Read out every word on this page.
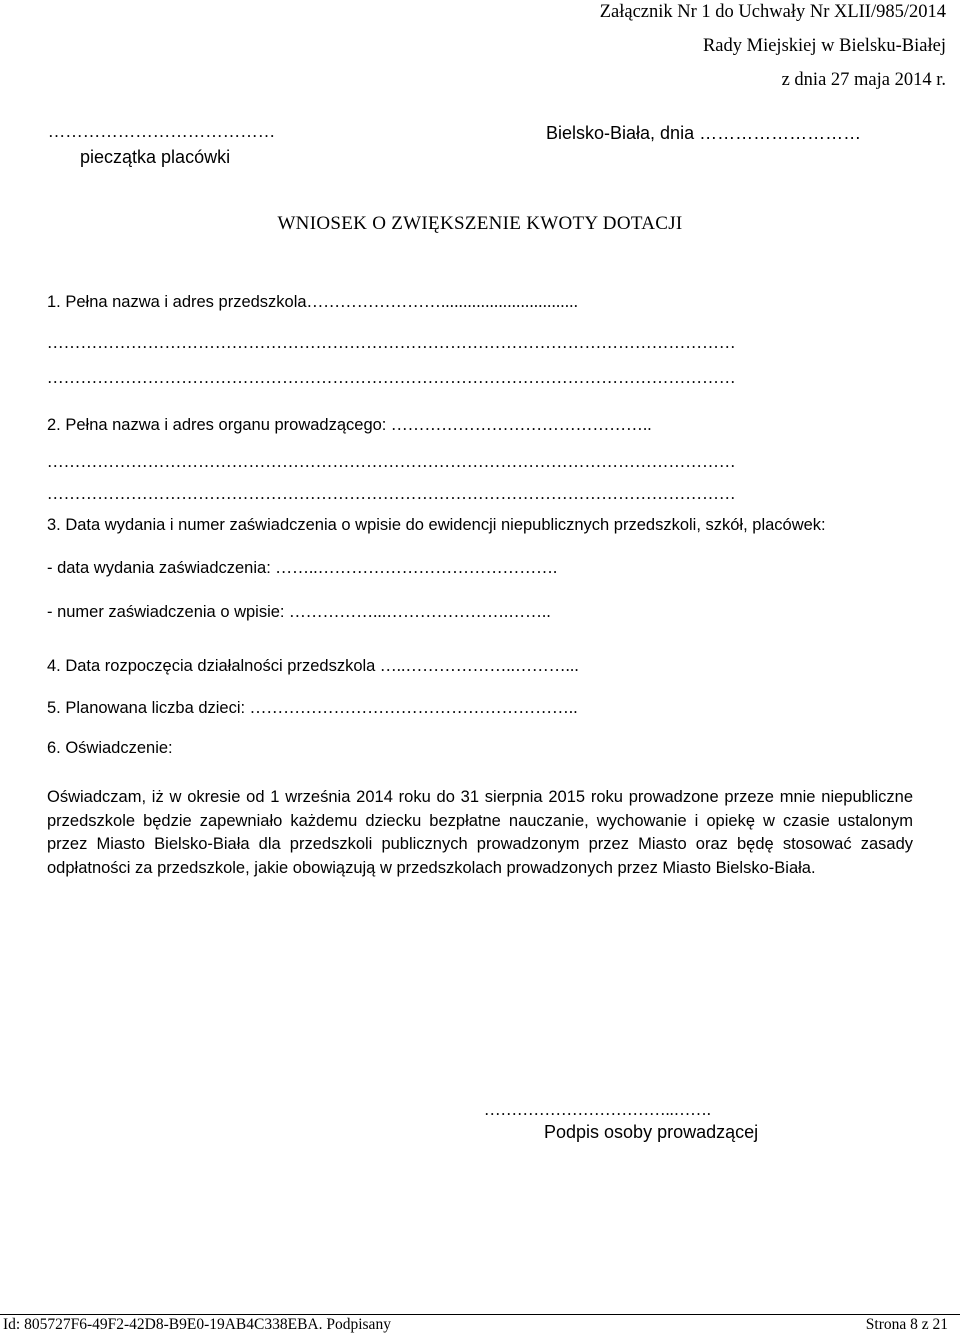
Załącznik Nr 1 do Uchwały Nr XLII/985/2014
Rady Miejskiej w Bielsku-Białej
z dnia 27 maja 2014 r.
…………………………………
pieczątka placówki
Bielsko-Biała, dnia ………………………
WNIOSEK O ZWIĘKSZENIE KWOTY DOTACJI
1. Pełna nazwa i adres przedszkola……………………...............................
……………………………………………………………………………………………………………
……………………………………………………………………………………………………………
2. Pełna nazwa i adres organu prowadzącego: ………………………………………..
……………………………………………………………………………………………………………
……………………………………………………………………………………………………………
3. Data wydania i numer zaświadczenia o wpisie do ewidencji niepublicznych przedszkoli, szkół, placówek:
- data wydania zaświadczenia: ……..…………………………………….
- numer zaświadczenia o wpisie: ……………...………………….……..
4. Data rozpoczęcia działalności przedszkola …..………………..………...
5. Planowana liczba dzieci: …………………………………………………..
6. Oświadczenie:
Oświadczam, iż w okresie od 1 września 2014 roku do 31 sierpnia 2015 roku prowadzone przeze mnie niepubliczne przedszkole będzie zapewniało każdemu dziecku bezpłatne nauczanie, wychowanie i opiekę w czasie ustalonym przez Miasto Bielsko-Biała dla przedszkoli publicznych prowadzonym przez Miasto oraz będę stosować zasady odpłatności za przedszkole, jakie obowiązują w przedszkolach prowadzonych przez Miasto Bielsko-Biała.
……………………………..…….
Podpis osoby prowadzącej
Id: 805727F6-49F2-42D8-B9E0-19AB4C338EBA. Podpisany	Strona 8 z 21
